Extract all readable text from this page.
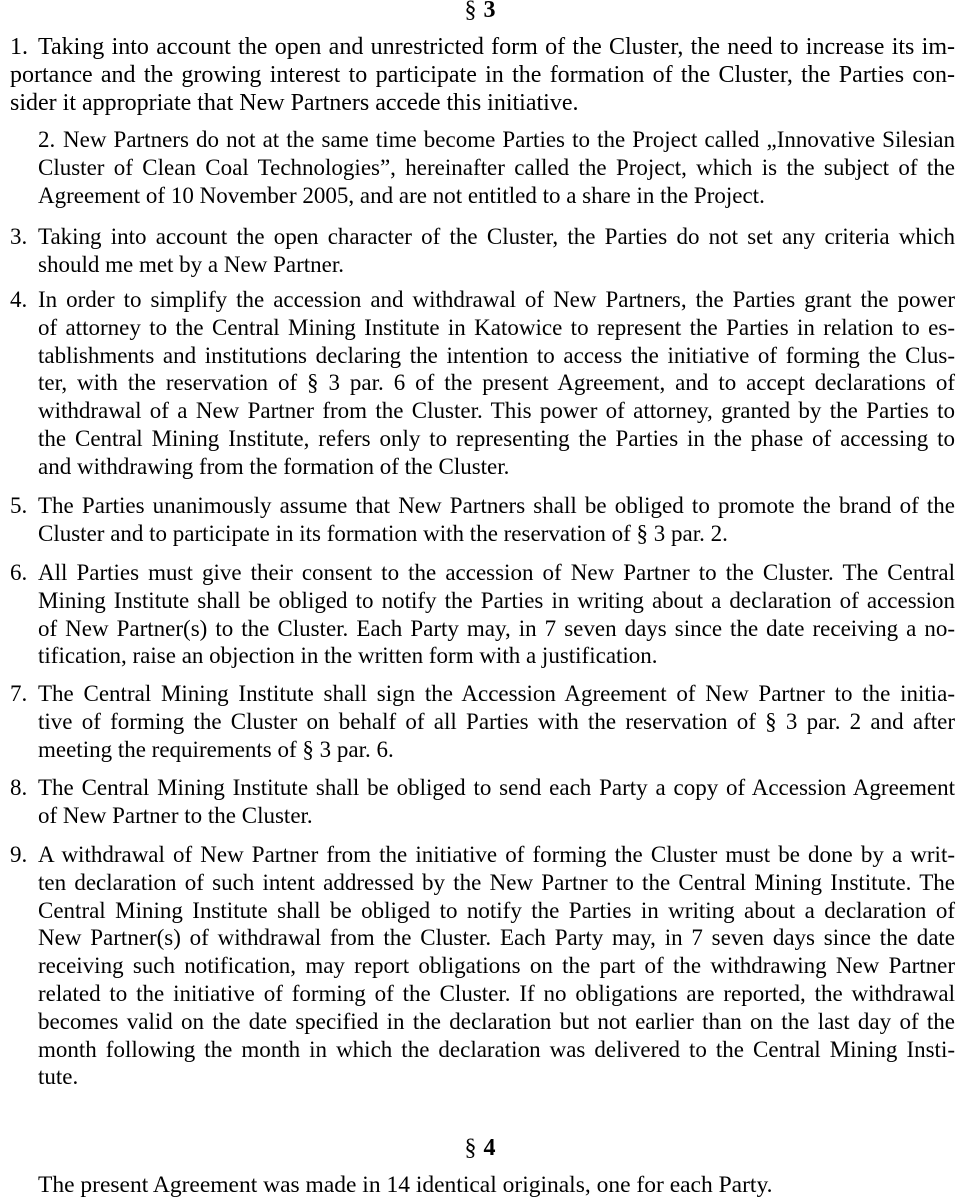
§ 3
1. Taking into account the open and unrestricted form of the Cluster, the need to increase its im-
portance and the growing interest to participate in the formation of the Cluster, the Parties con-
sider it appropriate that New Partners accede this initiative.
2. New Partners do not at the same time become Parties to the Project called „Innovative Silesian
Cluster of Clean Coal Technologies”, hereinafter called the Project, which is the subject of the
Agreement of 10 November 2005, and are not entitled to a share in the Project.
3. Taking into account the open character of the Cluster, the Parties do not set any criteria which
should me met by a New Partner.
4. In order to simplify the accession and withdrawal of New Partners, the Parties grant the power
of attorney to the Central Mining Institute in Katowice to represent the Parties in relation to es-
tablishments and institutions declaring the intention to access the initiative of forming the Clus-
ter, with the reservation of § 3 par. 6 of the present Agreement, and to accept declarations of
withdrawal of a New Partner from the Cluster. This power of attorney, granted by the Parties to
the Central Mining Institute, refers only to representing the Parties in the phase of accessing to
and withdrawing from the formation of the Cluster.
5. The Parties unanimously assume that New Partners shall be obliged to promote the brand of the
Cluster and to participate in its formation with the reservation of § 3 par. 2.
6. All Parties must give their consent to the accession of New Partner to the Cluster. The Central
Mining Institute shall be obliged to notify the Parties in writing about a declaration of accession
of New Partner(s) to the Cluster. Each Party may, in 7 seven days since the date receiving a no-
tification, raise an objection in the written form with a justification.
7. The Central Mining Institute shall sign the Accession Agreement of New Partner to the initia-
tive of forming the Cluster on behalf of all Parties with the reservation of § 3 par. 2 and after
meeting the requirements of § 3 par. 6.
8. The Central Mining Institute shall be obliged to send each Party a copy of Accession Agreement
of New Partner to the Cluster.
9. A withdrawal of New Partner from the initiative of forming the Cluster must be done by a writ-
ten declaration of such intent addressed by the New Partner to the Central Mining Institute. The
Central Mining Institute shall be obliged to notify the Parties in writing about a declaration of
New Partner(s) of withdrawal from the Cluster. Each Party may, in 7 seven days since the date
receiving such notification, may report obligations on the part of the withdrawing New Partner
related to the initiative of forming of the Cluster. If no obligations are reported, the withdrawal
becomes valid on the date specified in the declaration but not earlier than on the last day of the
month following the month in which the declaration was delivered to the Central Mining Insti-
tute.
§ 4
The present Agreement was made in 14 identical originals, one for each Party.
